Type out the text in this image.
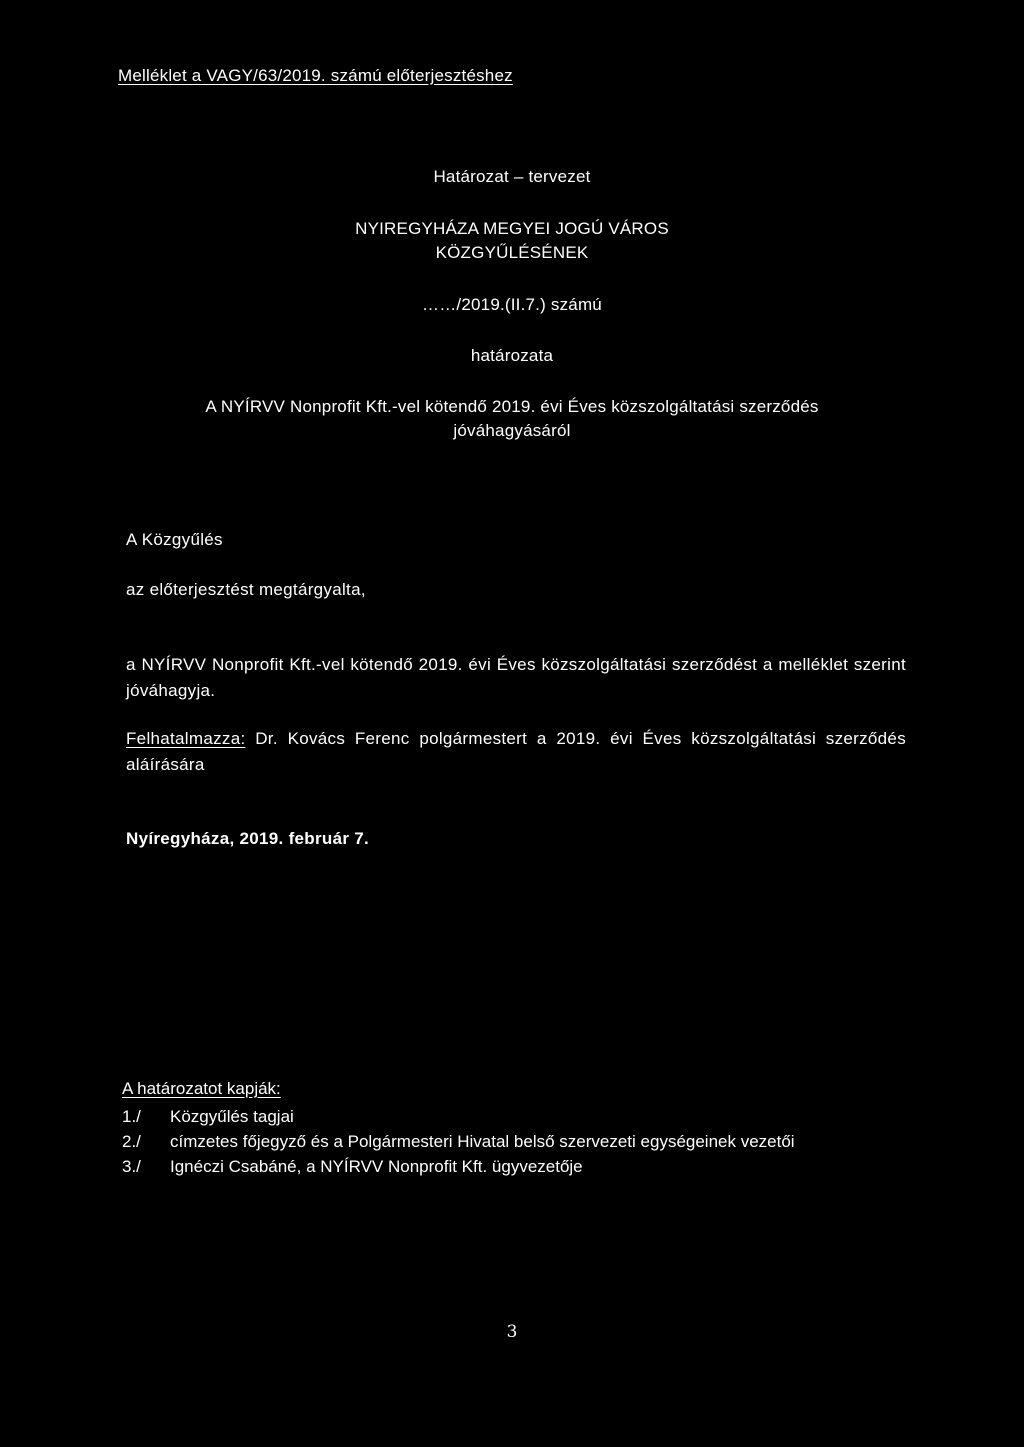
Melléklet a VAGY/63/2019. számú előterjesztéshez
Határozat – tervezet
NYIREGYHÁZA MEGYEI JOGÚ VÁROS
KÖZGYŰLÉSÉNEK
……/2019.(II.7.) számú
határozata
A NYÍRVV Nonprofit Kft.-vel kötendő 2019. évi Éves közszolgáltatási szerződés
jóváhagyásáról
A Közgyűlés
az előterjesztést megtárgyalta,
a NYÍRVV Nonprofit Kft.-vel kötendő 2019. évi Éves közszolgáltatási szerződést a melléklet szerint jóváhagyja.
Felhatalmazza: Dr. Kovács Ferenc polgármestert a 2019. évi Éves közszolgáltatási szerződés aláírására
Nyíregyháza, 2019. február 7.
A határozatot kapják:
1./	Közgyűlés tagjai
2./	címzetes főjegyző és a Polgármesteri Hivatal belső szervezeti egységeinek vezetői
3./	Ignéczi Csabáné, a NYÍRVV Nonprofit Kft. ügyvezetője
3
